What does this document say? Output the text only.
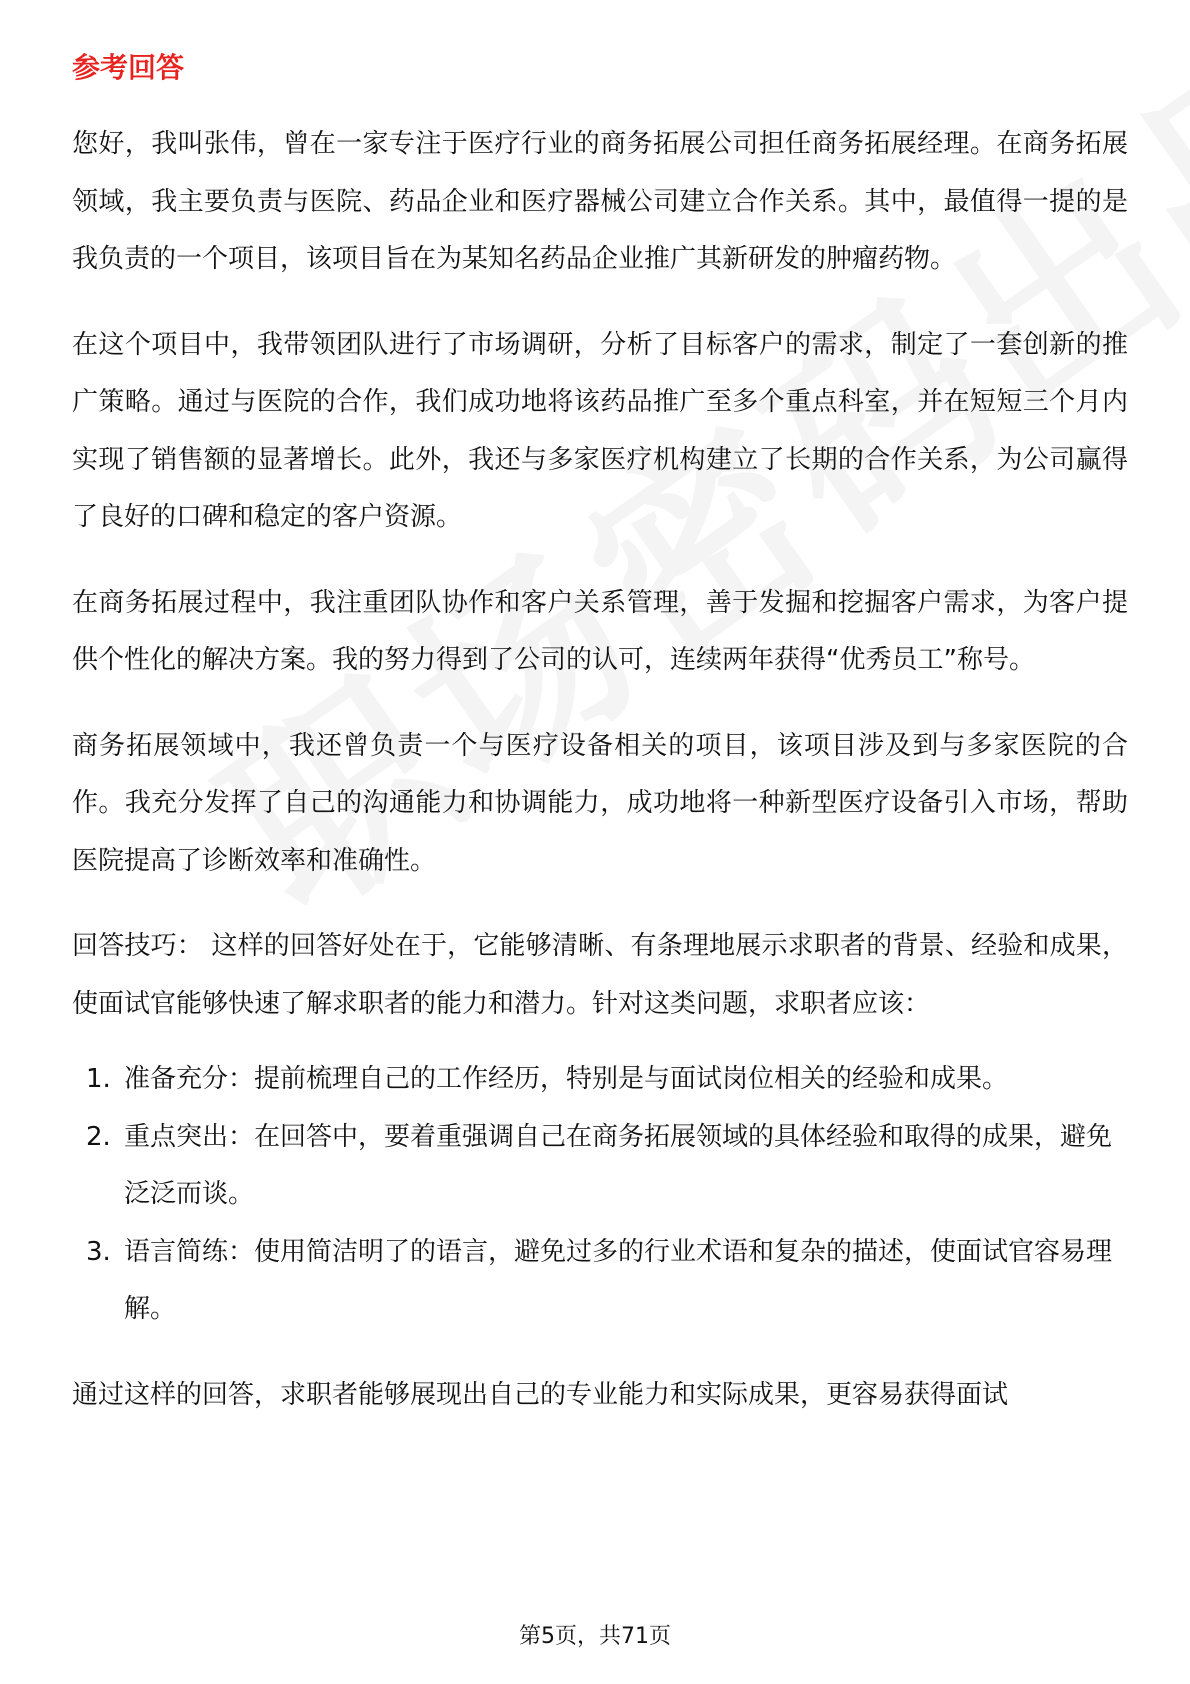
参考回答

您好，我叫张伟，曾在一家专注于医疗行业的商务拓展公司担任商务拓展经理。在商务拓展领域，我主要负责与医院、药品企业和医疗器械公司建立合作关系。其中，最值得一提的是我负责的一个项目，该项目旨在为某知名药品企业推广其新研发的肿瘤药物。

在这个项目中，我带领团队进行了市场调研，分析了目标客户的需求，制定了一套创新的推广策略。通过与医院的合作，我们成功地将该药品推广至多个重点科室，并在短短三个月内实现了销售额的显著增长。此外，我还与多家医疗机构建立了长期的合作关系，为公司赢得了良好的口碑和稳定的客户资源。

在商务拓展过程中，我注重团队协作和客户关系管理，善于发掘和挖掘客户需求，为客户提供个性化的解决方案。我的努力得到了公司的认可，连续两年获得“优秀员工”称号。

商务拓展领域中，我还曾负责一个与医疗设备相关的项目，该项目涉及到与多家医院的合作。我充分发挥了自己的沟通能力和协调能力，成功地将一种新型医疗设备引入市场，帮助医院提高了诊断效率和准确性。

回答技巧： 这样的回答好处在于，它能够清晰、有条理地展示求职者的背景、经验和成果，使面试官能够快速了解求职者的能力和潜力。针对这类问题，求职者应该：

1. 准备充分：提前梳理自己的工作经历，特别是与面试岗位相关的经验和成果。
2. 重点突出：在回答中，要着重强调自己在商务拓展领域的具体经验和取得的成果，避免泛泛而谈。
3. 语言简练：使用简洁明了的语言，避免过多的行业术语和复杂的描述，使面试官容易理解。

通过这样的回答，求职者能够展现出自己的专业能力和实际成果，更容易获得面试

第5页，共71页
